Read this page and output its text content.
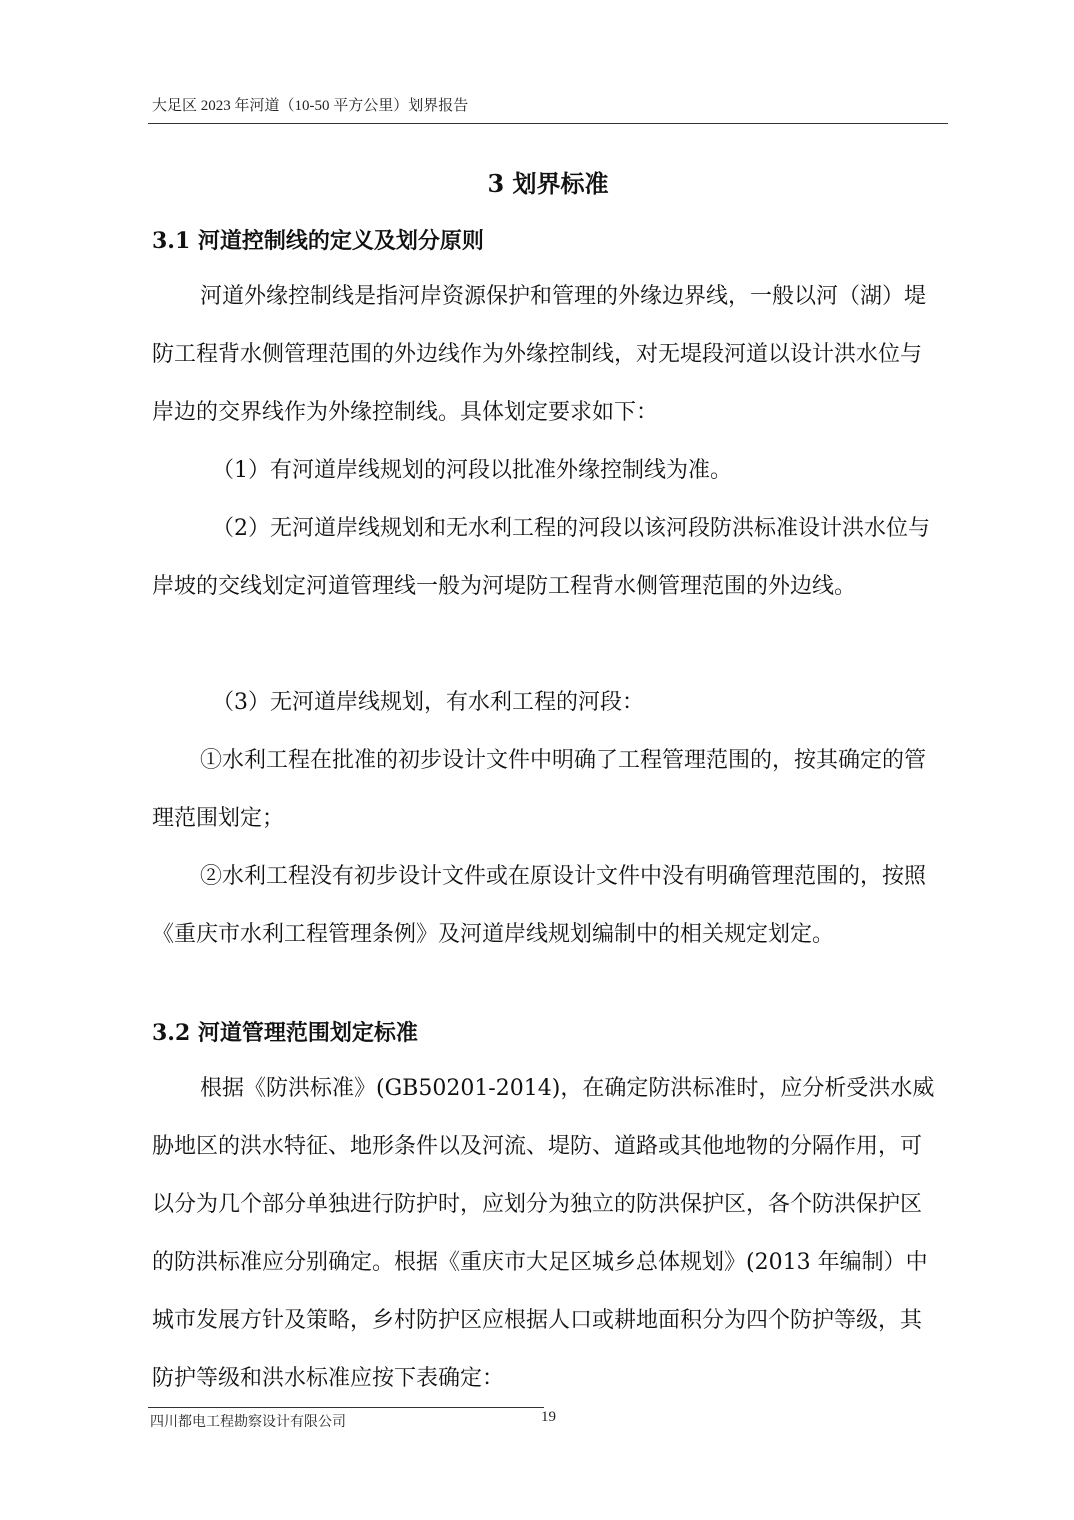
大足区 2023 年河道（10-50 平方公里）划界报告
3 划界标准
3.1 河道控制线的定义及划分原则
河道外缘控制线是指河岸资源保护和管理的外缘边界线，一般以河（湖）堤防工程背水侧管理范围的外边线作为外缘控制线，对无堤段河道以设计洪水位与岸边的交界线作为外缘控制线。具体划定要求如下：
（1）有河道岸线规划的河段以批准外缘控制线为准。
（2）无河道岸线规划和无水利工程的河段以该河段防洪标准设计洪水位与岸坡的交线划定河道管理线一般为河堤防工程背水侧管理范围的外边线。
（3）无河道岸线规划，有水利工程的河段：
①水利工程在批准的初步设计文件中明确了工程管理范围的，按其确定的管理范围划定；
②水利工程没有初步设计文件或在原设计文件中没有明确管理范围的，按照《重庆市水利工程管理条例》及河道岸线规划编制中的相关规定划定。
3.2 河道管理范围划定标准
根据《防洪标准》(GB50201-2014)，在确定防洪标准时，应分析受洪水威胁地区的洪水特征、地形条件以及河流、堤防、道路或其他地物的分隔作用，可以分为几个部分单独进行防护时，应划分为独立的防洪保护区，各个防洪保护区的防洪标准应分别确定。根据《重庆市大足区城乡总体规划》(2013 年编制）中城市发展方针及策略，乡村防护区应根据人口或耕地面积分为四个防护等级，其防护等级和洪水标准应按下表确定：
四川都电工程勘察设计有限公司	19
